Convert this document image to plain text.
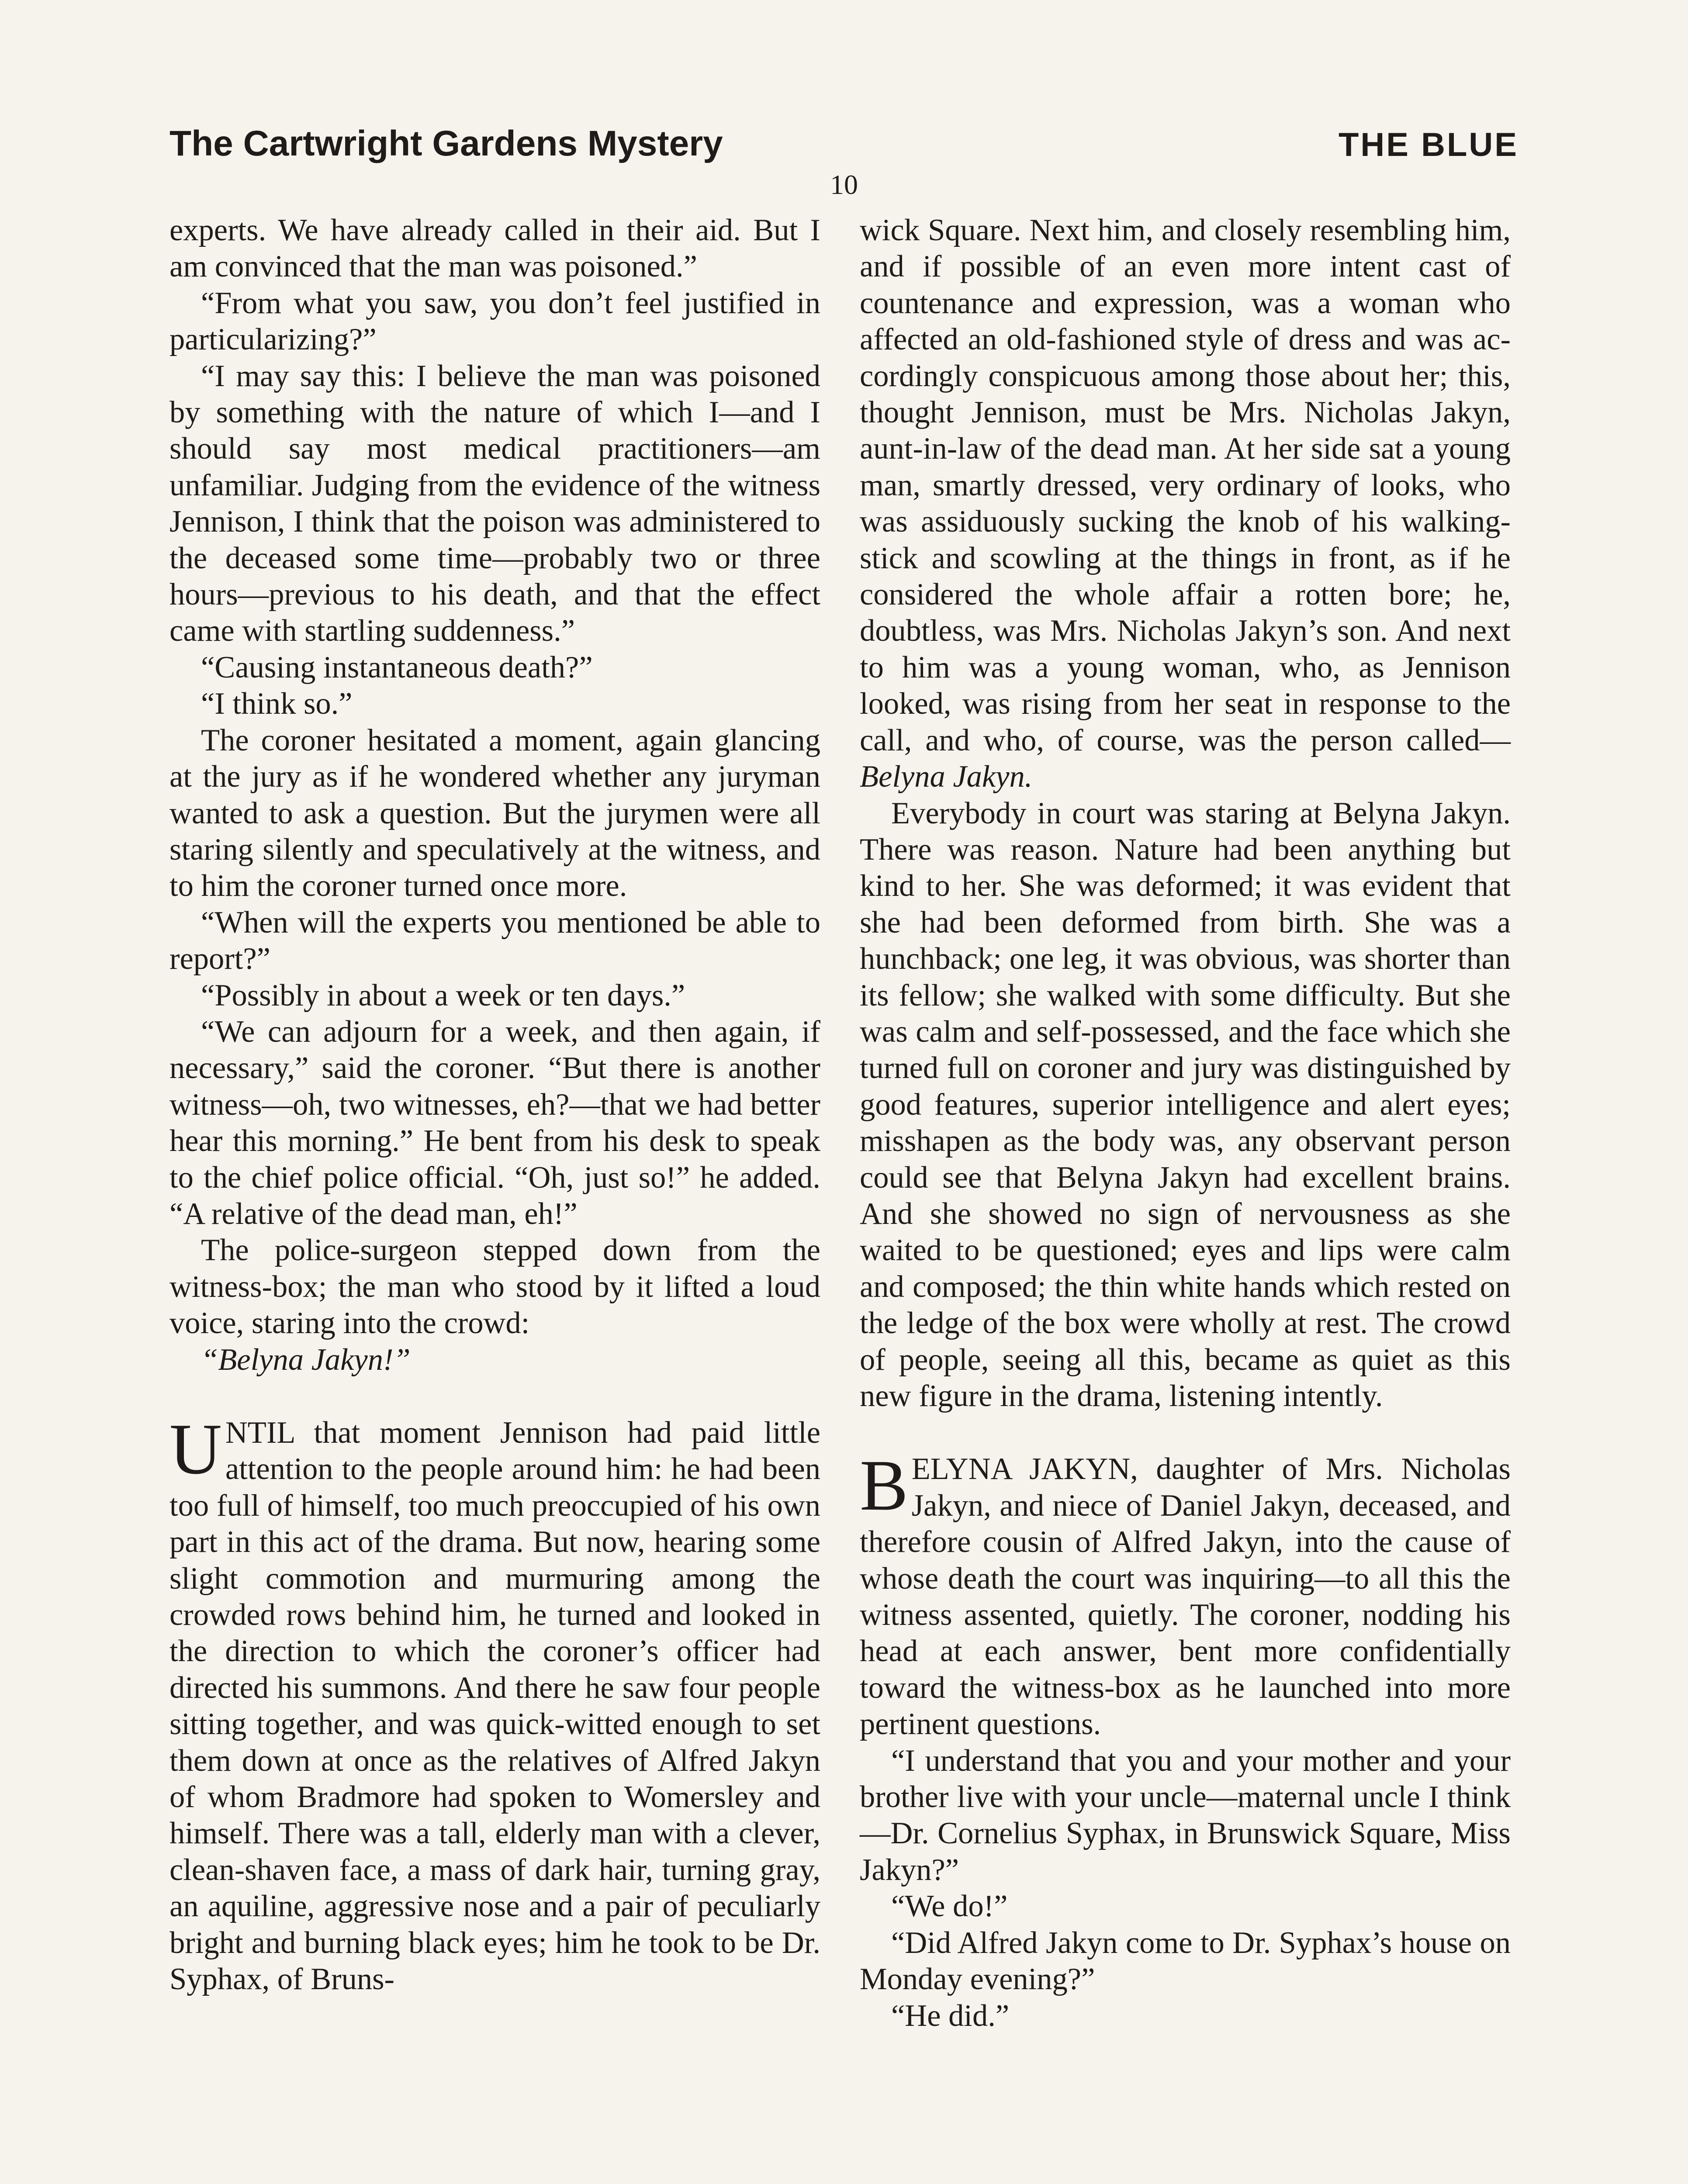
The Cartwright Gardens Mystery	THE BLUE
10

experts. We have already called in their aid. But I am convinced that the man was poisoned.”

“From what you saw, you don’t feel justified in particularizing?”

“I may say this: I believe the man was poisoned by something with the nature of which I—and I should say most medical practitioners—am unfamiliar. Judging from the evidence of the witness Jennison, I think that the poison was administered to the deceased some time—probably two or three hours—previous to his death, and that the effect came with startling suddenness.”

“Causing instantaneous death?”

“I think so.”

The coroner hesitated a moment, again glancing at the jury as if he wondered whether any juryman wanted to ask a question. But the jurymen were all staring silently and speculatively at the witness, and to him the coroner turned once more.

“When will the experts you mentioned be able to report?”

“Possibly in about a week or ten days.”

“We can adjourn for a week, and then again, if necessary,” said the coroner. “But there is another witness—oh, two witnesses, eh?—that we had better hear this morning.” He bent from his desk to speak to the chief police official. “Oh, just so!” he added. “A relative of the dead man, eh!”

The police-surgeon stepped down from the witness-box; the man who stood by it lifted a loud voice, staring into the crowd:

“Belyna Jakyn!”

UNTIL that moment Jennison had paid little attention to the people around him: he had been too full of himself, too much preoccupied of his own part in this act of the drama. But now, hearing some slight commotion and murmuring among the crowded rows behind him, he turned and looked in the direction to which the coroner’s officer had directed his summons. And there he saw four people sitting together, and was quick-witted enough to set them down at once as the relatives of Alfred Jakyn of whom Bradmore had spoken to Womersley and himself. There was a tall, elderly man with a clever, clean-shaven face, a mass of dark hair, turning gray, an aquiline, aggressive nose and a pair of peculiarly bright and burning black eyes; him he took to be Dr. Syphax, of Bruns-

wick Square. Next him, and closely resembling him, and if possible of an even more intent cast of countenance and expression, was a woman who affected an old-fashioned style of dress and was accordingly conspicuous among those about her; this, thought Jennison, must be Mrs. Nicholas Jakyn, aunt-in-law of the dead man. At her side sat a young man, smartly dressed, very ordinary of looks, who was assiduously sucking the knob of his walking-stick and scowling at the things in front, as if he considered the whole affair a rotten bore; he, doubtless, was Mrs. Nicholas Jakyn’s son. And next to him was a young woman, who, as Jennison looked, was rising from her seat in response to the call, and who, of course, was the person called—Belyna Jakyn.

Everybody in court was staring at Belyna Jakyn. There was reason. Nature had been anything but kind to her. She was deformed; it was evident that she had been deformed from birth. She was a hunchback; one leg, it was obvious, was shorter than its fellow; she walked with some difficulty. But she was calm and self-possessed, and the face which she turned full on coroner and jury was distinguished by good features, superior intelligence and alert eyes; misshapen as the body was, any observant person could see that Belyna Jakyn had excellent brains. And she showed no sign of nervousness as she waited to be questioned; eyes and lips were calm and composed; the thin white hands which rested on the ledge of the box were wholly at rest. The crowd of people, seeing all this, became as quiet as this new figure in the drama, listening intently.

BELYNA JAKYN, daughter of Mrs. Nicholas Jakyn, and niece of Daniel Jakyn, deceased, and therefore cousin of Alfred Jakyn, into the cause of whose death the court was inquiring—to all this the witness assented, quietly. The coroner, nodding his head at each answer, bent more confidentially toward the witness-box as he launched into more pertinent questions.

“I understand that you and your mother and your brother live with your uncle—maternal uncle I think—Dr. Cornelius Syphax, in Brunswick Square, Miss Jakyn?”

“We do!”

“Did Alfred Jakyn come to Dr. Syphax’s house on Monday evening?”

“He did.”
